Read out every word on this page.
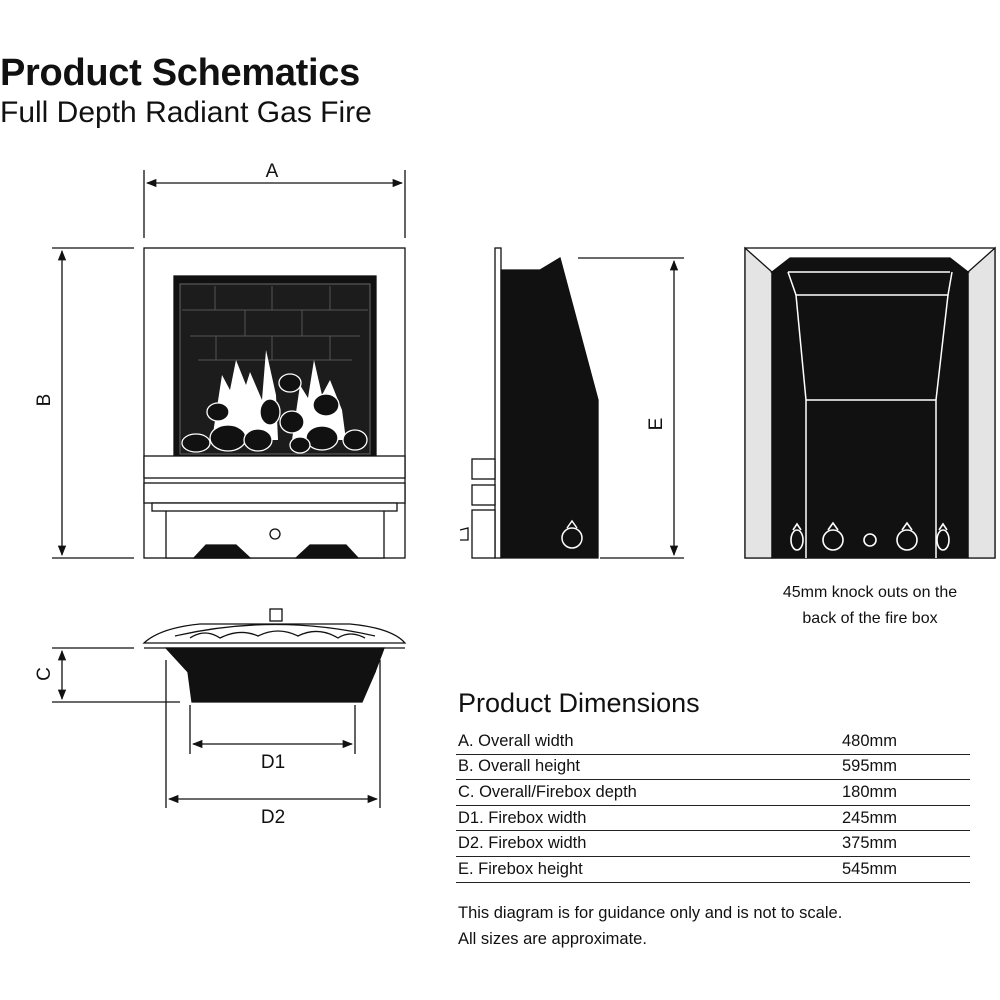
Product Schematics
Full Depth Radiant Gas Fire
A
B
E
C
D1
D2
45mm knock outs on the
back of the fire box
Product Dimensions
A. Overall width	480mm
B. Overall height	595mm
C. Overall/Firebox depth	180mm
D1. Firebox width	245mm
D2. Firebox width	375mm
E. Firebox height	545mm
This diagram is for guidance only and is not to scale.
All sizes are approximate.
